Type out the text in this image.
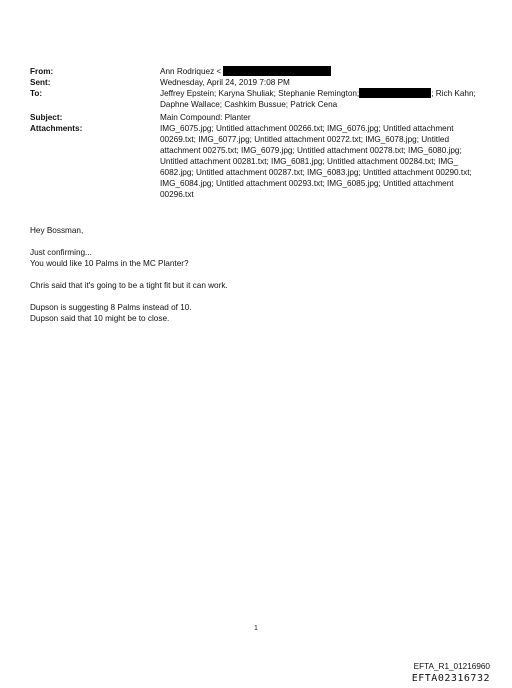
From:	Ann Rodriquez <
Sent:	Wednesday, April 24, 2019 7:08 PM
To:	Jeffrey Epstein; Karyna Shuliak; Stephanie Remington;	; Rich Kahn;
Daphne Wallace; Cashkim Bussue; Patrick Cena
Subject:	Main Compound: Planter
Attachments:	IMG_6075.jpg; Untitled attachment 00266.txt; IMG_6076.jpg; Untitled attachment
00269.txt; IMG_6077.jpg; Untitled attachment 00272.txt; IMG_6078.jpg; Untitled
attachment 00275.txt; IMG_6079.jpg; Untitled attachment 00278.txt; IMG_6080.jpg;
Untitled attachment 00281.txt; IMG_6081.jpg; Untitled attachment 00284.txt; IMG_
6082.jpg; Untitled attachment 00287.txt; IMG_6083.jpg; Untitled attachment 00290.txt;
IMG_6084.jpg; Untitled attachment 00293.txt; IMG_6085.jpg; Untitled attachment
00296.txt

Hey Bossman,

Just confirming...
You would like 10 Palms in the MC Planter?

Chris said that it's going to be a tight fit but it can work.

Dupson is suggesting 8 Palms instead of 10.
Dupson said that 10 might be to close.

1
EFTA_R1_01216960
EFTA02316732
